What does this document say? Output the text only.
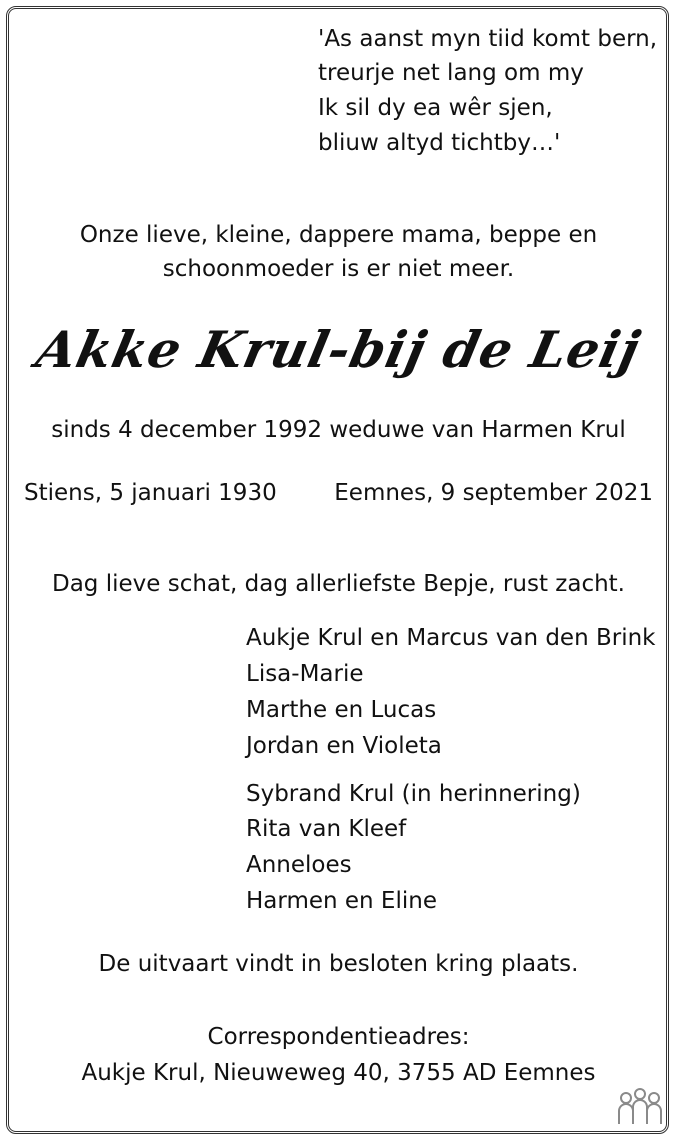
'As aanst myn tiid komt bern,
treurje net lang om my
Ik sil dy ea wêr sjen,
bliuw altyd tichtby…'
Onze lieve, kleine, dappere mama, beppe en
schoonmoeder is er niet meer.
Akke Krul-bij de Leij
sinds 4 december 1992 weduwe van Harmen Krul
Stiens, 5 januari 1930	Eemnes, 9 september 2021
Dag lieve schat, dag allerliefste Bepje, rust zacht.
Aukje Krul en Marcus van den Brink
Lisa-Marie
Marthe en Lucas
Jordan en Violeta
Sybrand Krul (in herinnering)
Rita van Kleef
Anneloes
Harmen en Eline
De uitvaart vindt in besloten kring plaats.
Correspondentieadres:
Aukje Krul, Nieuweweg 40, 3755 AD Eemnes
